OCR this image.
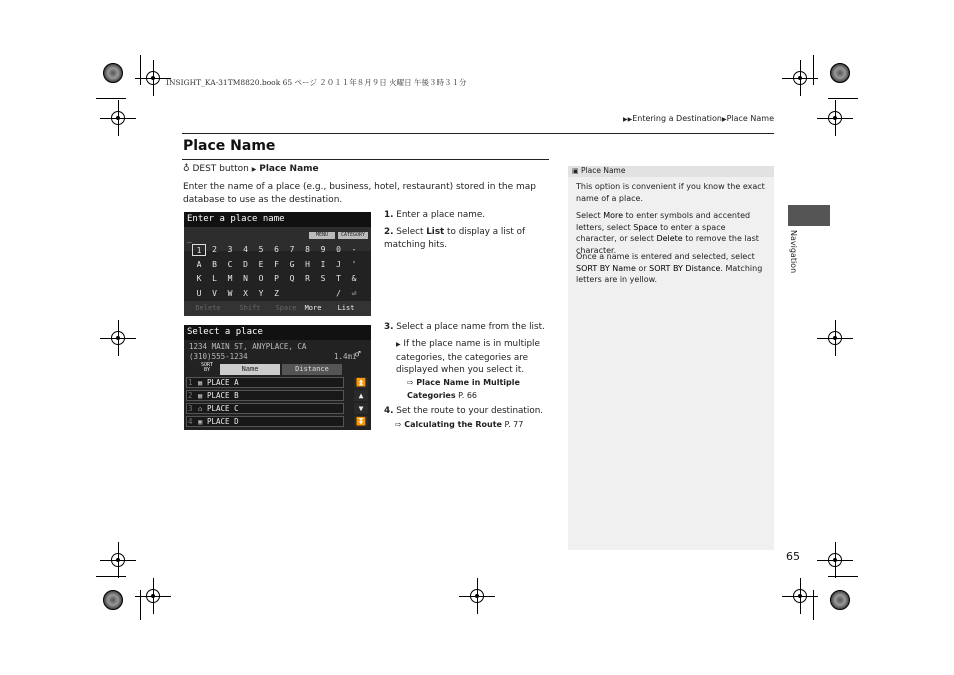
INSIGHT_KA-31TM8820.book 65 ページ ２０１１年８月９日 火曜日 午後３時３１分
▶▶Entering a Destination▶Place Name
Place Name
♁ DEST button ▶ Place Name
Enter the name of a place (e.g., business, hotel, restaurant) stored in the map database to use as the destination.
Enter a place name
_	MENU	CATEGORY
1	2	3	4	5	6	7	8	9	0	-
A	B	C	D	E	F	G	H	I	J	'
K	L	M	N	O	P	Q	R	S	T	&
U	V	W	X	Y	Z	/	⏎
Delete	Shift	Space	More	List
Select a place
1234 MAIN ST, ANYPLACE, CA
(310)555-1234	1.4mi
♂
SORT BY	Name	Distance
1 ▦ PLACE A
2 ▦ PLACE B
3 ⌂ PLACE C
4 ▣ PLACE D
⏫
▲
▼
⏬
1. Enter a place name.
2. Select List to display a list of matching hits.
3. Select a place name from the list.
▶ If the place name is in multiple categories, the categories are displayed when you select it.
⇨ Place Name in Multiple Categories P. 66
4. Set the route to your destination.
⇨ Calculating the Route P. 77
▣ Place Name
This option is convenient if you know the exact name of a place.
Select More to enter symbols and accented letters, select Space to enter a space character, or select Delete to remove the last character.
Once a name is entered and selected, select SORT BY Name or SORT BY Distance. Matching letters are in yellow.
Navigation
65
